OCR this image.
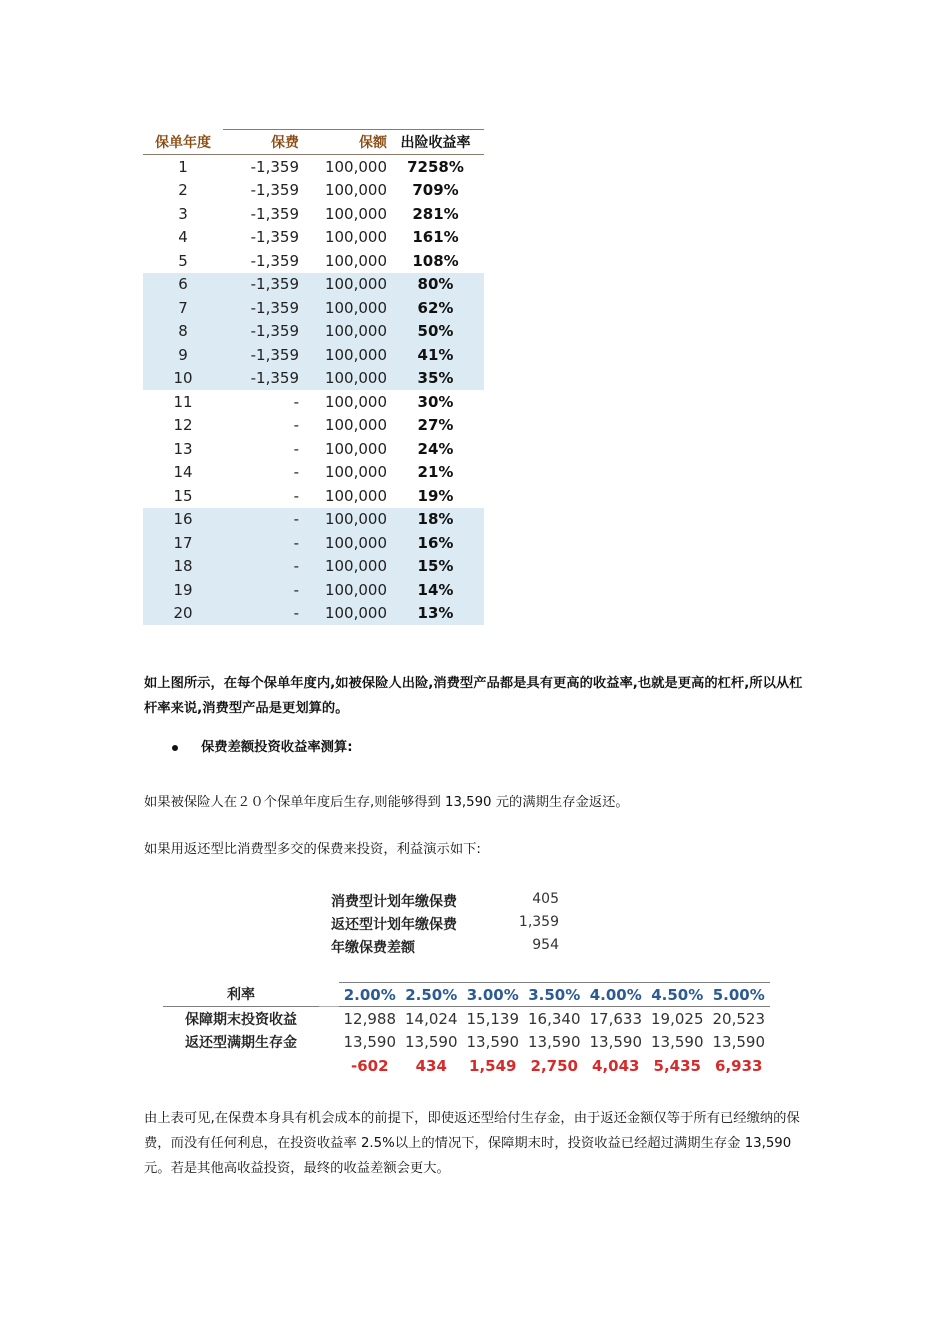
保单年度	保费	保额	出险收益率
1	-1,359	100,000	7258%
2	-1,359	100,000	709%
3	-1,359	100,000	281%
4	-1,359	100,000	161%
5	-1,359	100,000	108%
6	-1,359	100,000	80%
7	-1,359	100,000	62%
8	-1,359	100,000	50%
9	-1,359	100,000	41%
10	-1,359	100,000	35%
11	-	100,000	30%
12	-	100,000	27%
13	-	100,000	24%
14	-	100,000	21%
15	-	100,000	19%
16	-	100,000	18%
17	-	100,000	16%
18	-	100,000	15%
19	-	100,000	14%
20	-	100,000	13%
如上图所示，在每个保单年度内,如被保险人出险,消费型产品都是具有更高的收益率,也就是更高的杠杆,所以从杠杆率来说,消费型产品是更划算的。
保费差额投资收益率测算:
如果被保险人在２０个保单年度后生存,则能够得到 13,590 元的满期生存金返还。
如果用返还型比消费型多交的保费来投资，利益演示如下:
消费型计划年缴保费	405
返还型计划年缴保费	1,359
年缴保费差额	954
利率		2.00%	2.50%	3.00%	3.50%	4.00%	4.50%	5.00%
保障期末投资收益		12,988	14,024	15,139	16,340	17,633	19,025	20,523
返还型满期生存金		13,590	13,590	13,590	13,590	13,590	13,590	13,590
		-602	434	1,549	2,750	4,043	5,435	6,933
由上表可见,在保费本身具有机会成本的前提下，即使返还型给付生存金，由于返还金额仅等于所有已经缴纳的保费，而没有任何利息，在投资收益率 2.5%以上的情况下，保障期末时，投资收益已经超过满期生存金 13,590 元。若是其他高收益投资，最终的收益差额会更大。
